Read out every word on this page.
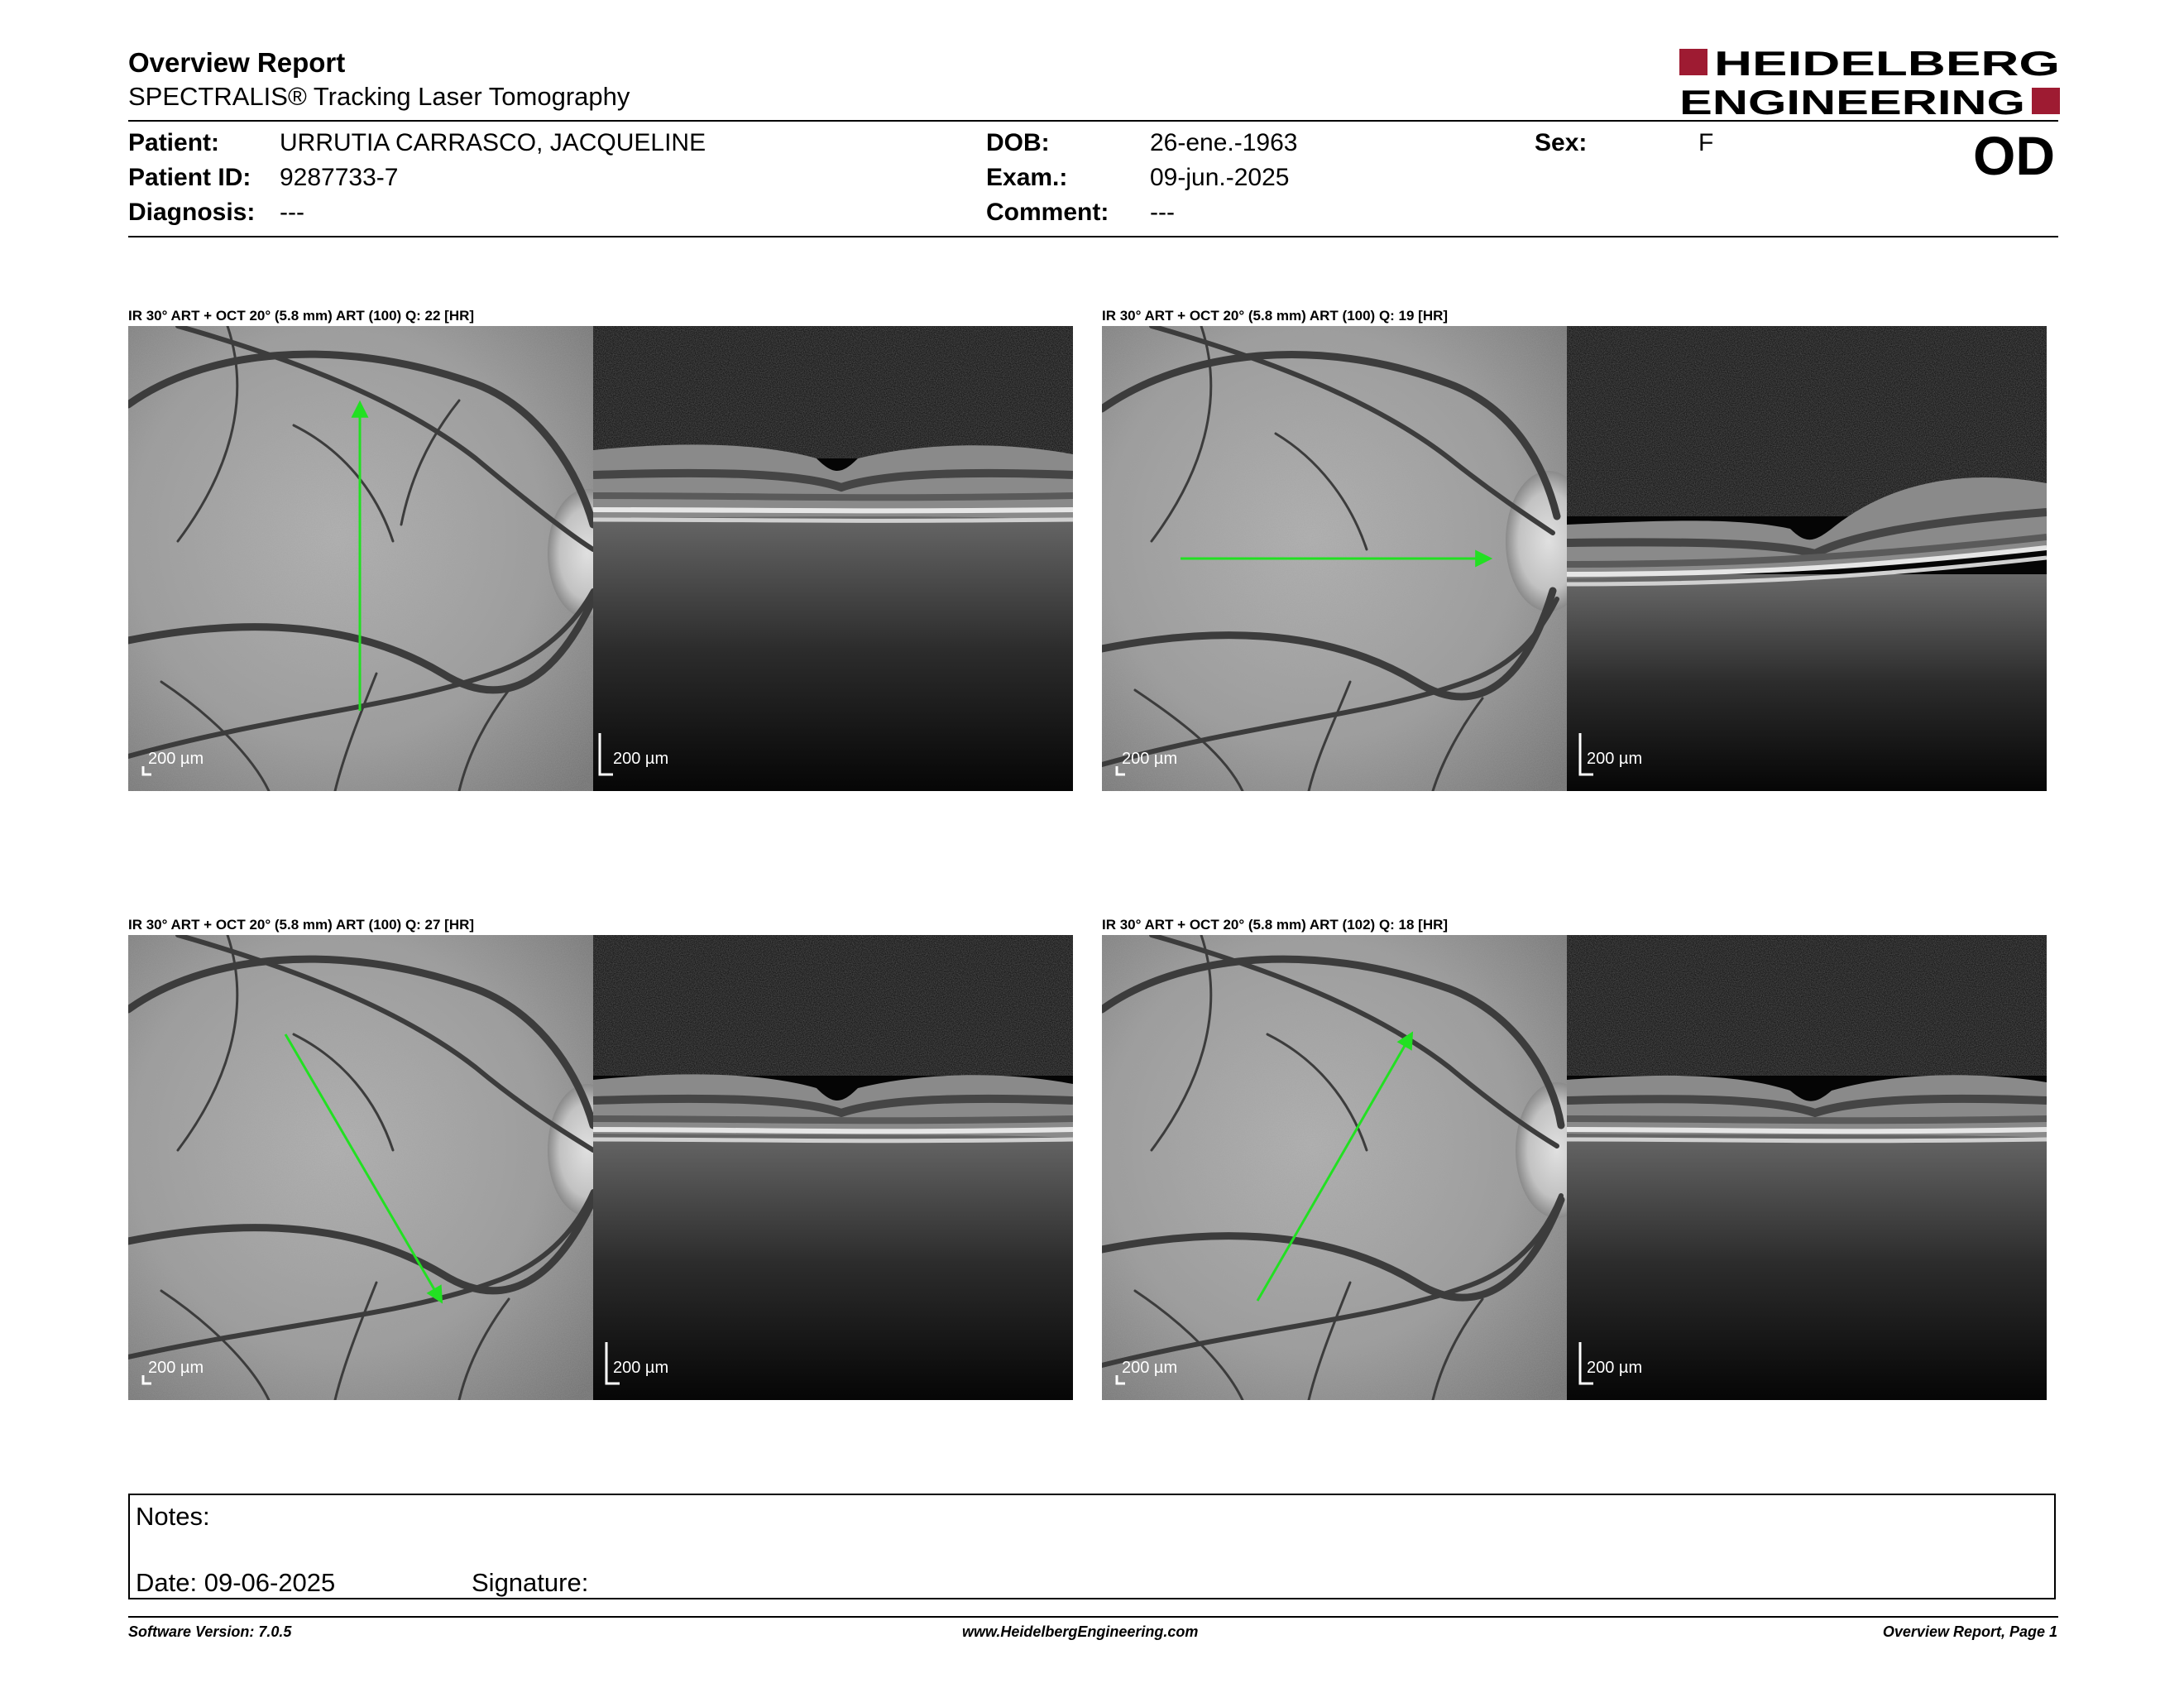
Overview Report
SPECTRALIS® Tracking Laser Tomography
HEIDELBERG
ENGINEERING
Patient: URRUTIA CARRASCO, JACQUELINE
Patient ID: 9287733-7
Diagnosis: ---
DOB:	26-ene.-1963
Exam.:	09-jun.-2025
Comment: ---
Sex:	F	OD
IR 30° ART + OCT 20° (5.8 mm) ART (100) Q: 22 [HR]	IR 30° ART + OCT 20° (5.8 mm) ART (100) Q: 19 [HR]
IR 30° ART + OCT 20° (5.8 mm) ART (100) Q: 27 [HR]	IR 30° ART + OCT 20° (5.8 mm) ART (102) Q: 18 [HR]
200 µm	200 µm	200 µm	200 µm
200 µm	200 µm	200 µm	200 µm
Notes:
Date: 09-06-2025	Signature:
Software Version: 7.0.5	www.HeidelbergEngineering.com	Overview Report, Page 1
